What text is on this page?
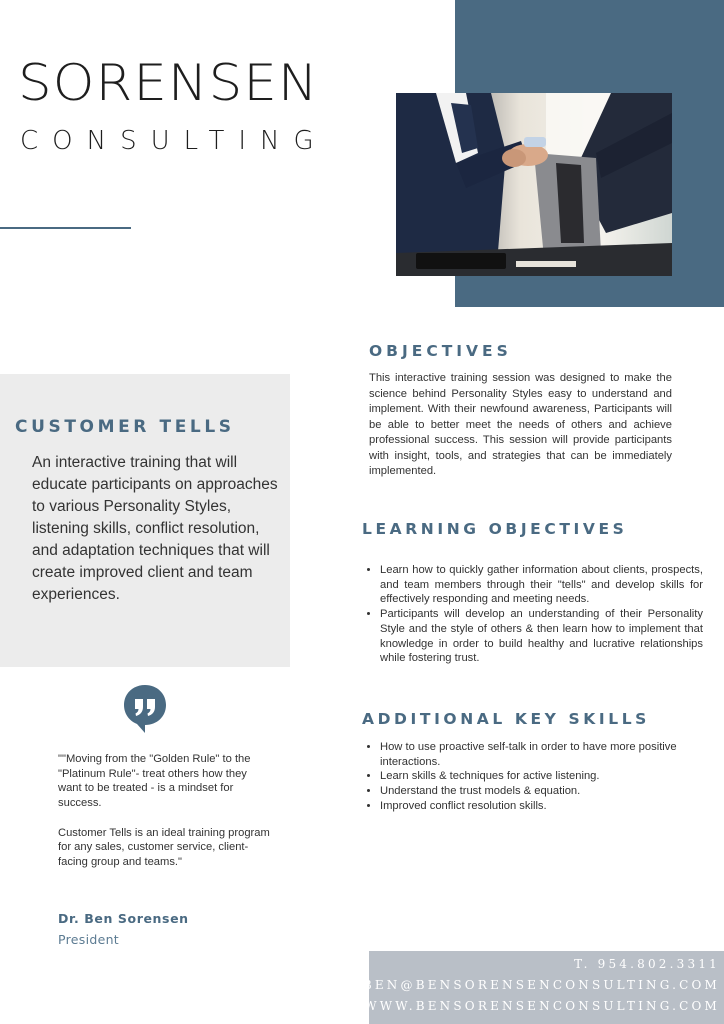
SORENSEN
CONSULTING
CUSTOMER TELLS
An interactive training that will educate participants on approaches to various Personality Styles, listening skills, conflict resolution, and adaptation techniques that will create improved client and team experiences.

""Moving from the "Golden Rule" to the "Platinum Rule"- treat others how they want to be treated - is a mindset for success.

Customer Tells is an ideal training program for any sales, customer service, client-facing group and teams."

Dr. Ben Sorensen
President
OBJECTIVES
This interactive training session was designed to make the science behind Personality Styles easy to understand and implement. With their newfound awareness, Participants will be able to better meet the needs of others and achieve professional success. This session will provide participants with insight, tools, and strategies that can be immediately implemented.
LEARNING OBJECTIVES
• Learn how to quickly gather information about clients, prospects, and team members through their "tells" and develop skills for effectively responding and meeting needs.
• Participants will develop an understanding of their Personality Style and the style of others & then learn how to implement that knowledge in order to build healthy and lucrative relationships while fostering trust.
ADDITIONAL KEY SKILLS
• How to use proactive self-talk in order to have more positive interactions.
• Learn skills & techniques for active listening.
• Understand the trust models & equation.
• Improved conflict resolution skills.
T. 954.802.3311
BEN@BENSORENSENCONSULTING.COM
WWW.BENSORENSENCONSULTING.COM
